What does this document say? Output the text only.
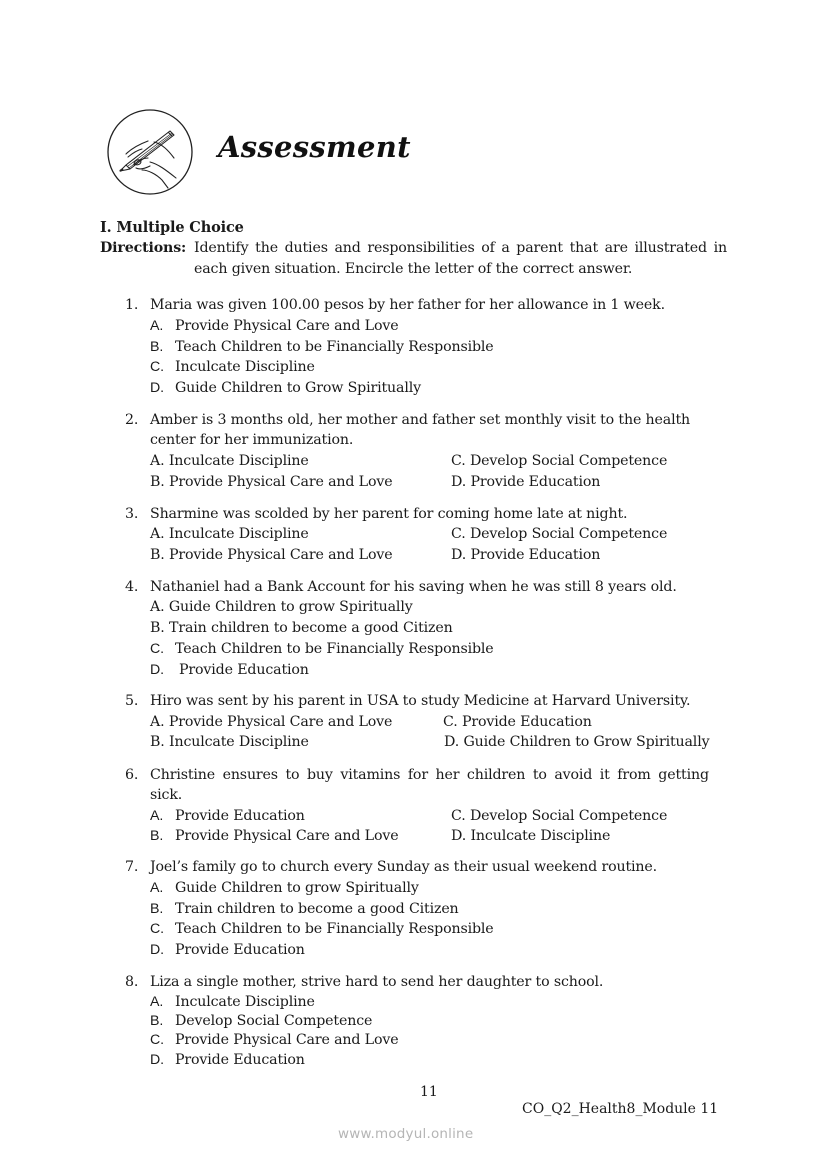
Assessment
I. Multiple Choice
Directions: Identify the duties and responsibilities of a parent that are illustrated in each given situation. Encircle the letter of the correct answer.
1. Maria was given 100.00 pesos by her father for her allowance in 1 week.
A. Provide Physical Care and Love
B. Teach Children to be Financially Responsible
C. Inculcate Discipline
D. Guide Children to Grow Spiritually
2. Amber is 3 months old, her mother and father set monthly visit to the health
center for her immunization.
A. Inculcate Discipline
B. Provide Physical Care and Love
C. Develop Social Competence
D. Provide Education
3. Sharmine was scolded by her parent for coming home late at night.
A. Inculcate Discipline
B. Provide Physical Care and Love
C. Develop Social Competence
D. Provide Education
4. Nathaniel had a Bank Account for his saving when he was still 8 years old.
A. Guide Children to grow Spiritually
B. Train children to become a good Citizen
C. Teach Children to be Financially Responsible
D. Provide Education
5. Hiro was sent by his parent in USA to study Medicine at Harvard University.
A. Provide Physical Care and Love
B. Inculcate Discipline
C. Provide Education
D. Guide Children to Grow Spiritually
6. Christine ensures to buy vitamins for her children to avoid it from getting
sick.
A. Provide Education
B. Provide Physical Care and Love
C. Develop Social Competence
D. Inculcate Discipline
7. Joel’s family go to church every Sunday as their usual weekend routine.
A. Guide Children to grow Spiritually
B. Train children to become a good Citizen
C. Teach Children to be Financially Responsible
D. Provide Education
8. Liza a single mother, strive hard to send her daughter to school.
A. Inculcate Discipline
B. Develop Social Competence
C. Provide Physical Care and Love
D. Provide Education
11
CO_Q2_Health8_Module 11
www.modyul.online
